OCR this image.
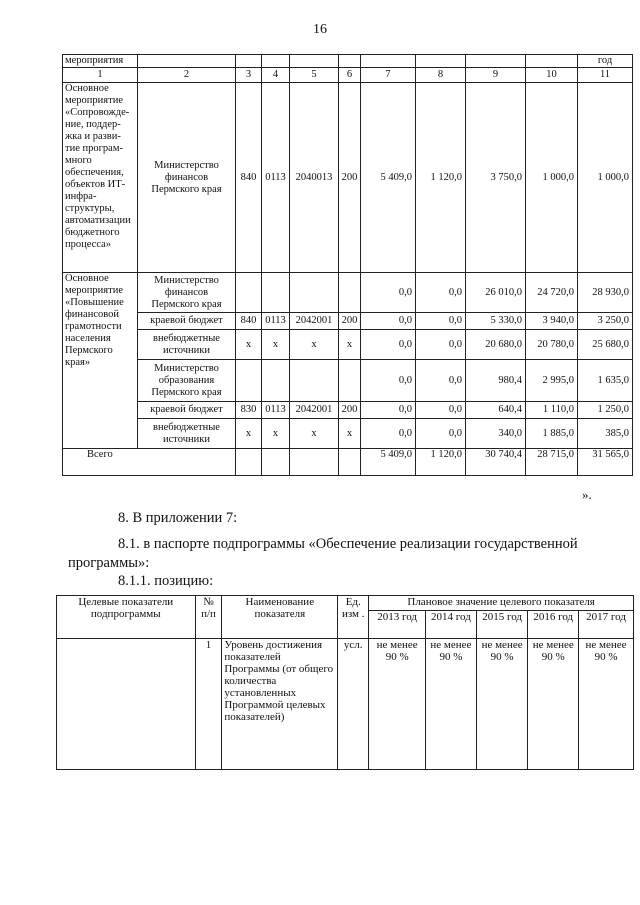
16
мероприятия										год
1	2	3	4	5	6	7	8	9	10	11
Основное мероприятие «Сопровожде-ние, поддер-жка и разви-тие програм-много обеспечения, объектов ИТ-инфра-структуры, автоматизации бюджетного процесса»	Министерство финансов Пермского края	840	0113	2040013	200	5 409,0	1 120,0	3 750,0	1 000,0	1 000,0
Основное мероприятие «Повышение финансовой грамотности населения Пермского края»	Министерство финансов Пермского края					0,0	0,0	26 010,0	24 720,0	28 930,0
	краевой бюджет	840	0113	2042001	200	0,0	0,0	5 330,0	3 940,0	3 250,0
	внебюджетные источники	х	х	х	х	0,0	0,0	20 680,0	20 780,0	25 680,0
	Министерство образования Пермского края					0,0	0,0	980,4	2 995,0	1 635,0
	краевой бюджет	830	0113	2042001	200	0,0	0,0	640,4	1 110,0	1 250,0
	внебюджетные источники	х	х	х	х	0,0	0,0	340,0	1 885,0	385,0
Всего						5 409,0	1 120,0	30 740,4	28 715,0	31 565,0
».
8. В приложении 7:
8.1. в паспорте подпрограммы «Обеспечение реализации государственной
программы»:
8.1.1. позицию:
Целевые показатели подпрограммы	№ п/п	Наименование показателя	Ед. изм .	Плановое значение целевого показателя				
				2013 год	2014 год	2015 год	2016 год	2017 год
	1	Уровень достижения показателей Программы (от общего количества установленных Программой целевых показателей)	усл.	не менее 90 %	не менее 90 %	не менее 90 %	не менее 90 %	не менее 90 %
